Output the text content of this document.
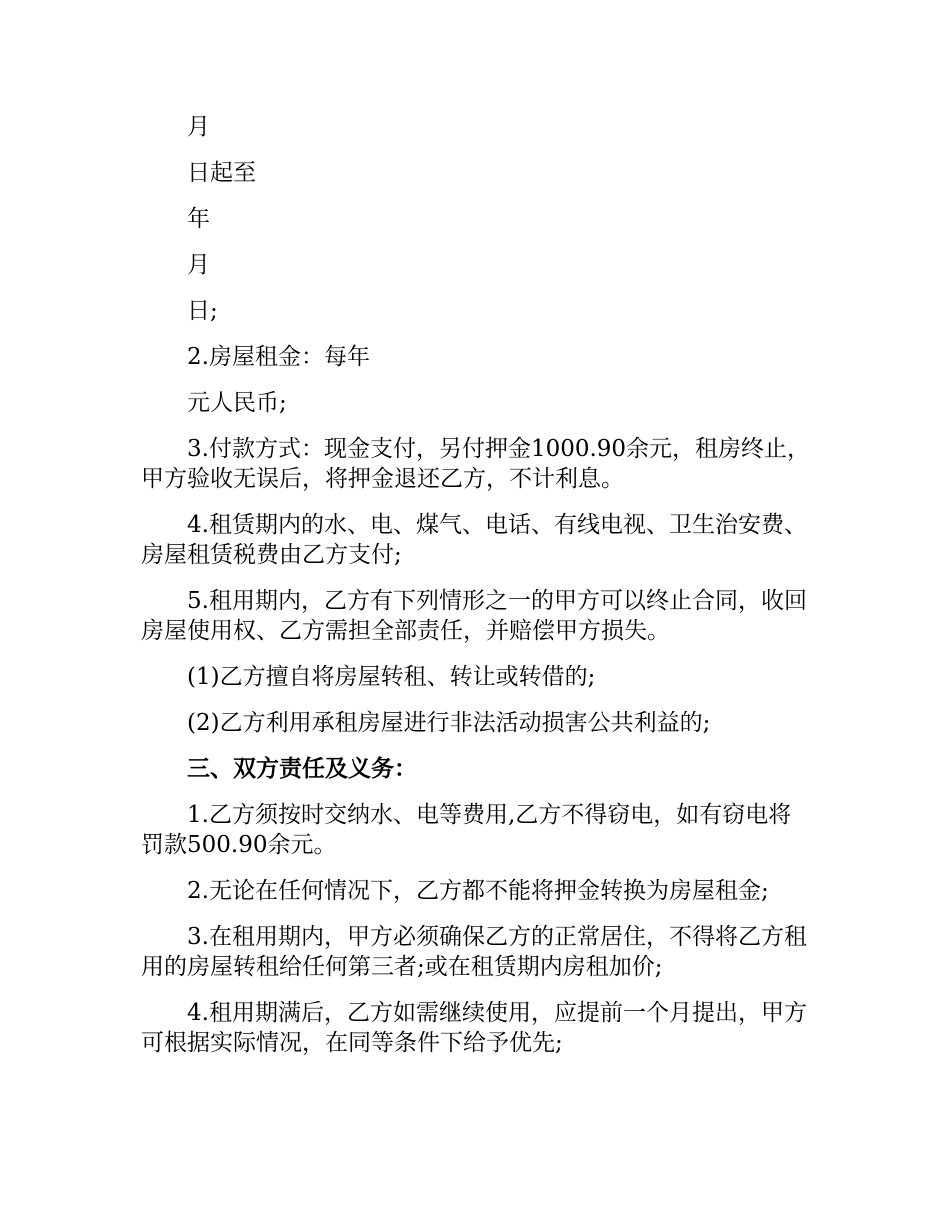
月

日起至

年

月

日;

2.房屋租金：每年

元人民币;

3.付款方式：现金支付，另付押金1000.90余元，租房终止，甲方验收无误后，将押金退还乙方，不计利息。

4.租赁期内的水、电、煤气、电话、有线电视、卫生治安费、房屋租赁税费由乙方支付;

5.租用期内，乙方有下列情形之一的甲方可以终止合同，收回房屋使用权、乙方需担全部责任，并赔偿甲方损失。

(1)乙方擅自将房屋转租、转让或转借的;

(2)乙方利用承租房屋进行非法活动损害公共利益的;

三、双方责任及义务：

1.乙方须按时交纳水、电等费用,乙方不得窃电，如有窃电将罚款500.90余元。

2.无论在任何情况下，乙方都不能将押金转换为房屋租金;

3.在租用期内，甲方必须确保乙方的正常居住，不得将乙方租用的房屋转租给任何第三者;或在租赁期内房租加价;

4.租用期满后，乙方如需继续使用，应提前一个月提出，甲方可根据实际情况，在同等条件下给予优先;
